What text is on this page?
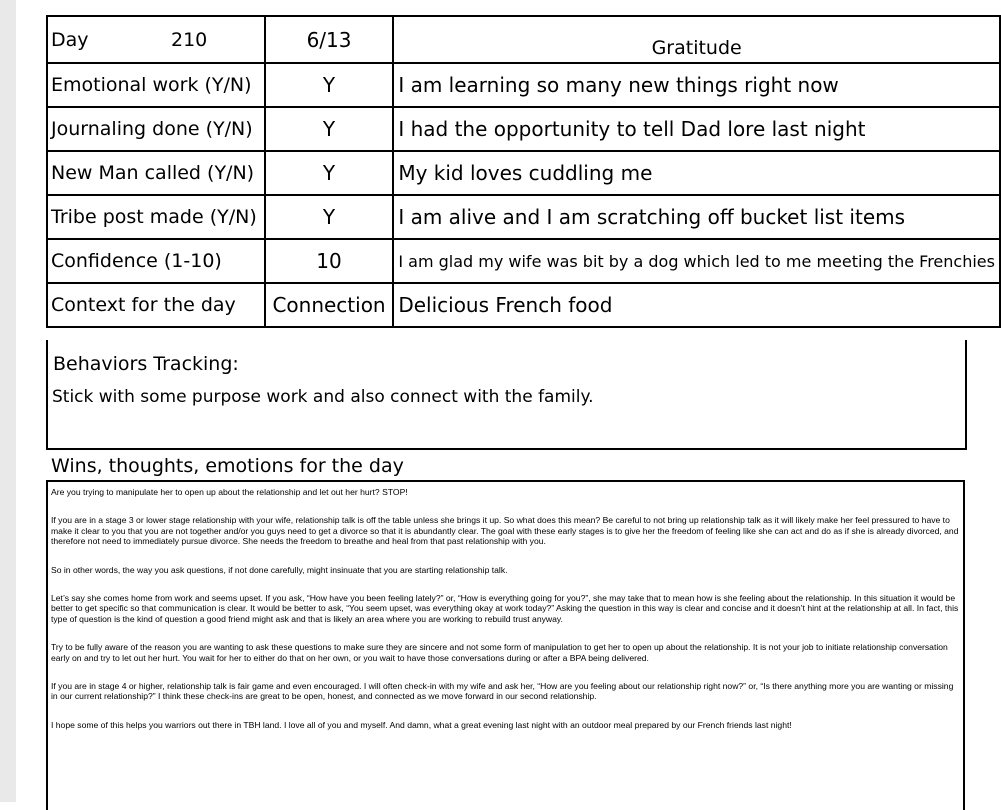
Day 210	6/13	Gratitude
Emotional work (Y/N)	Y	I am learning so many new things right now
Journaling done (Y/N)	Y	I had the opportunity to tell Dad lore last night
New Man called (Y/N)	Y	My kid loves cuddling me
Tribe post made (Y/N)	Y	I am alive and I am scratching off bucket list items
Confidence (1-10)	10	I am glad my wife was bit by a dog which led to me meeting the Frenchies
Context for the day	Connection	Delicious French food
Behaviors Tracking:
Stick with some purpose work and also connect with the family.
Wins, thoughts, emotions for the day

Are you trying to manipulate her to open up about the relationship and let out her hurt? STOP!

If you are in a stage 3 or lower stage relationship with your wife, relationship talk is off the table unless she brings it up. So what does this mean? Be careful to not bring up relationship talk as it will likely make her feel pressured to have to make it clear to you that you are not together and/or you guys need to get a divorce so that it is abundantly clear. The goal with these early stages is to give her the freedom of feeling like she can act and do as if she is already divorced, and therefore not need to immediately pursue divorce. She needs the freedom to breathe and heal from that past relationship with you.

So in other words, the way you ask questions, if not done carefully, might insinuate that you are starting relationship talk.

Let’s say she comes home from work and seems upset. If you ask, “How have you been feeling lately?” or, “How is everything going for you?”, she may take that to mean how is she feeling about the relationship. In this situation it would be better to get specific so that communication is clear. It would be better to ask, “You seem upset, was everything okay at work today?” Asking the question in this way is clear and concise and it doesn’t hint at the relationship at all. In fact, this type of question is the kind of question a good friend might ask and that is likely an area where you are working to rebuild trust anyway.

Try to be fully aware of the reason you are wanting to ask these questions to make sure they are sincere and not some form of manipulation to get her to open up about the relationship. It is not your job to initiate relationship conversation early on and try to let out her hurt. You wait for her to either do that on her own, or you wait to have those conversations during or after a BPA being delivered.

If you are in stage 4 or higher, relationship talk is fair game and even encouraged. I will often check-in with my wife and ask her, “How are you feeling about our relationship right now?” or, “Is there anything more you are wanting or missing in our current relationship?” I think these check-ins are great to be open, honest, and connected as we move forward in our second relationship.

I hope some of this helps you warriors out there in TBH land. I love all of you and myself. And damn, what a great evening last night with an outdoor meal prepared by our French friends last night!
